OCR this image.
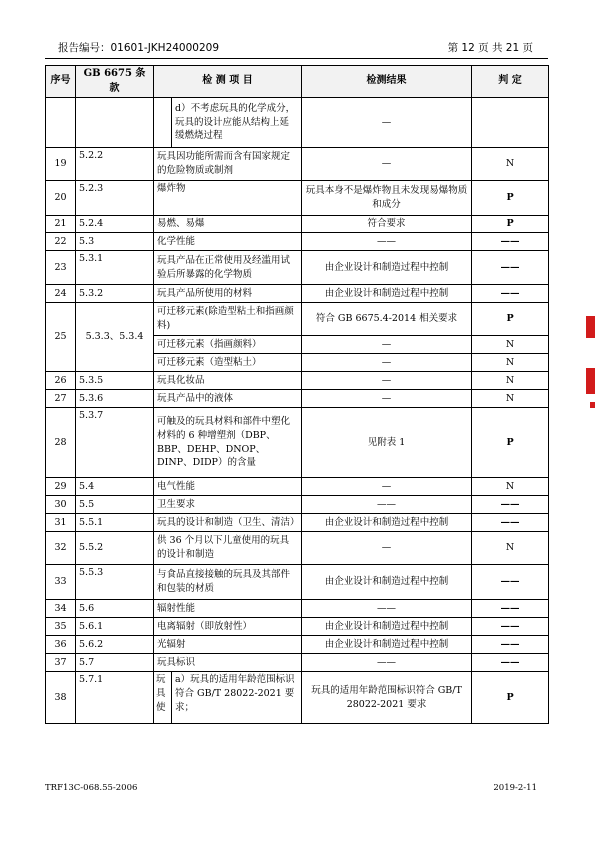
报告编号：01601-JKH24000209	第 12 页 共 21 页
序号	GB 6675 条款	检 测 项 目		检测结果	判 定
			d）不考虑玩具的化学成分，玩具的设计应能从结构上延缓燃烧过程	—	
19	5.2.2	玩具因功能所需而含有国家规定的危险物质或制剂		—	N
20	5.2.3	爆炸物		玩具本身不是爆炸物且未发现易爆物质和成分	P
21	5.2.4	易燃、易爆		符合要求	P
22	5.3	化学性能		——	——
23	5.3.1	玩具产品在正常使用及经滥用试验后所暴露的化学物质		由企业设计和制造过程中控制	——
24	5.3.2	玩具产品所使用的材料		由企业设计和制造过程中控制	——
25	5.3.3、5.3.4	可迁移元素(除造型粘土和指画颜料)		符合 GB 6675.4-2014 相关要求	P
		可迁移元素（指画颜料）		—	N
		可迁移元素（造型粘土）		—	N
26	5.3.5	玩具化妆品		—	N
27	5.3.6	玩具产品中的液体		—	N
28	5.3.7	可触及的玩具材料和部件中塑化材料的 6 种增塑剂（DBP、BBP、DEHP、DNOP、DINP、DIDP）的含量		见附表 1	P
29	5.4	电气性能		—	N
30	5.5	卫生要求		——	——
31	5.5.1	玩具的设计和制造（卫生、清洁）		由企业设计和制造过程中控制	——
32	5.5.2	供 36 个月以下儿童使用的玩具的设计和制造		—	N
33	5.5.3	与食品直接接触的玩具及其部件和包装的材质		由企业设计和制造过程中控制	——
34	5.6	辐射性能		——	——
35	5.6.1	电离辐射（即放射性）		由企业设计和制造过程中控制	——
36	5.6.2	光辐射		由企业设计和制造过程中控制	——
37	5.7	玩具标识		——	——
38	5.7.1	玩具使	a）玩具的适用年龄范围标识符合 GB/T 28022-2021 要求；	玩具的适用年龄范围标识符合 GB/T 28022-2021 要求	P
TRF13C-068.55-2006	2019-2-11
